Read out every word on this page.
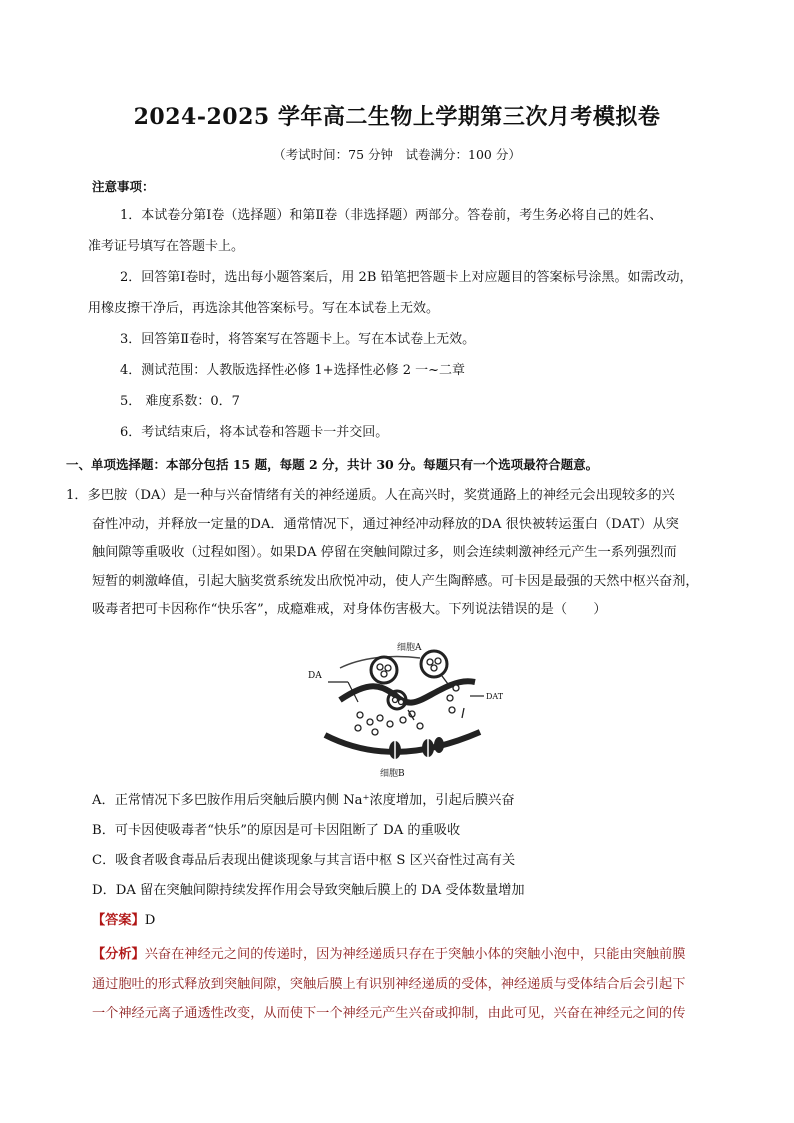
2024-2025 学年高二生物上学期第三次月考模拟卷
（考试时间：75 分钟　试卷满分：100 分）
注意事项：
1．本试卷分第Ⅰ卷（选择题）和第Ⅱ卷（非选择题）两部分。答卷前，考生务必将自己的姓名、
准考证号填写在答题卡上。
2．回答第Ⅰ卷时，选出每小题答案后，用 2B 铅笔把答题卡上对应题目的答案标号涂黑。如需改动，
用橡皮擦干净后，再选涂其他答案标号。写在本试卷上无效。
3．回答第Ⅱ卷时，将答案写在答题卡上。写在本试卷上无效。
4．测试范围：人教版选择性必修 1+选择性必修 2 一~二章
5． 难度系数：0．7
6．考试结束后，将本试卷和答题卡一并交回。
一、单项选择题：本部分包括 15 题，每题 2 分，共计 30 分。每题只有一个选项最符合题意。
1．多巴胺（DA）是一种与兴奋情绪有关的神经递质。人在高兴时，奖赏通路上的神经元会出现较多的兴
奋性冲动，并释放一定量的DA．通常情况下，通过神经冲动释放的DA 很快被转运蛋白（DAT）从突
触间隙等重吸收（过程如图）。如果DA 停留在突触间隙过多，则会连续刺激神经元产生一系列强烈而
短暂的刺激峰值，引起大脑奖赏系统发出欣悦冲动，使人产生陶醉感。可卡因是最强的天然中枢兴奋剂，
吸毒者把可卡因称作“快乐客”，成瘾难戒，对身体伤害极大。下列说法错误的是（　　）
细胞A
DA
DAT
细胞B
A．正常情况下多巴胺作用后突触后膜内侧 Na⁺浓度增加，引起后膜兴奋
B．可卡因使吸毒者“快乐”的原因是可卡因阻断了 DA 的重吸收
C．吸食者吸食毒品后表现出健谈现象与其言语中枢 S 区兴奋性过高有关
D．DA 留在突触间隙持续发挥作用会导致突触后膜上的 DA 受体数量增加
【答案】D
【分析】兴奋在神经元之间的传递时，因为神经递质只存在于突触小体的突触小泡中，只能由突触前膜
通过胞吐的形式释放到突触间隙，突触后膜上有识别神经递质的受体，神经递质与受体结合后会引起下
一个神经元离子通透性改变，从而使下一个神经元产生兴奋或抑制，由此可见，兴奋在神经元之间的传
